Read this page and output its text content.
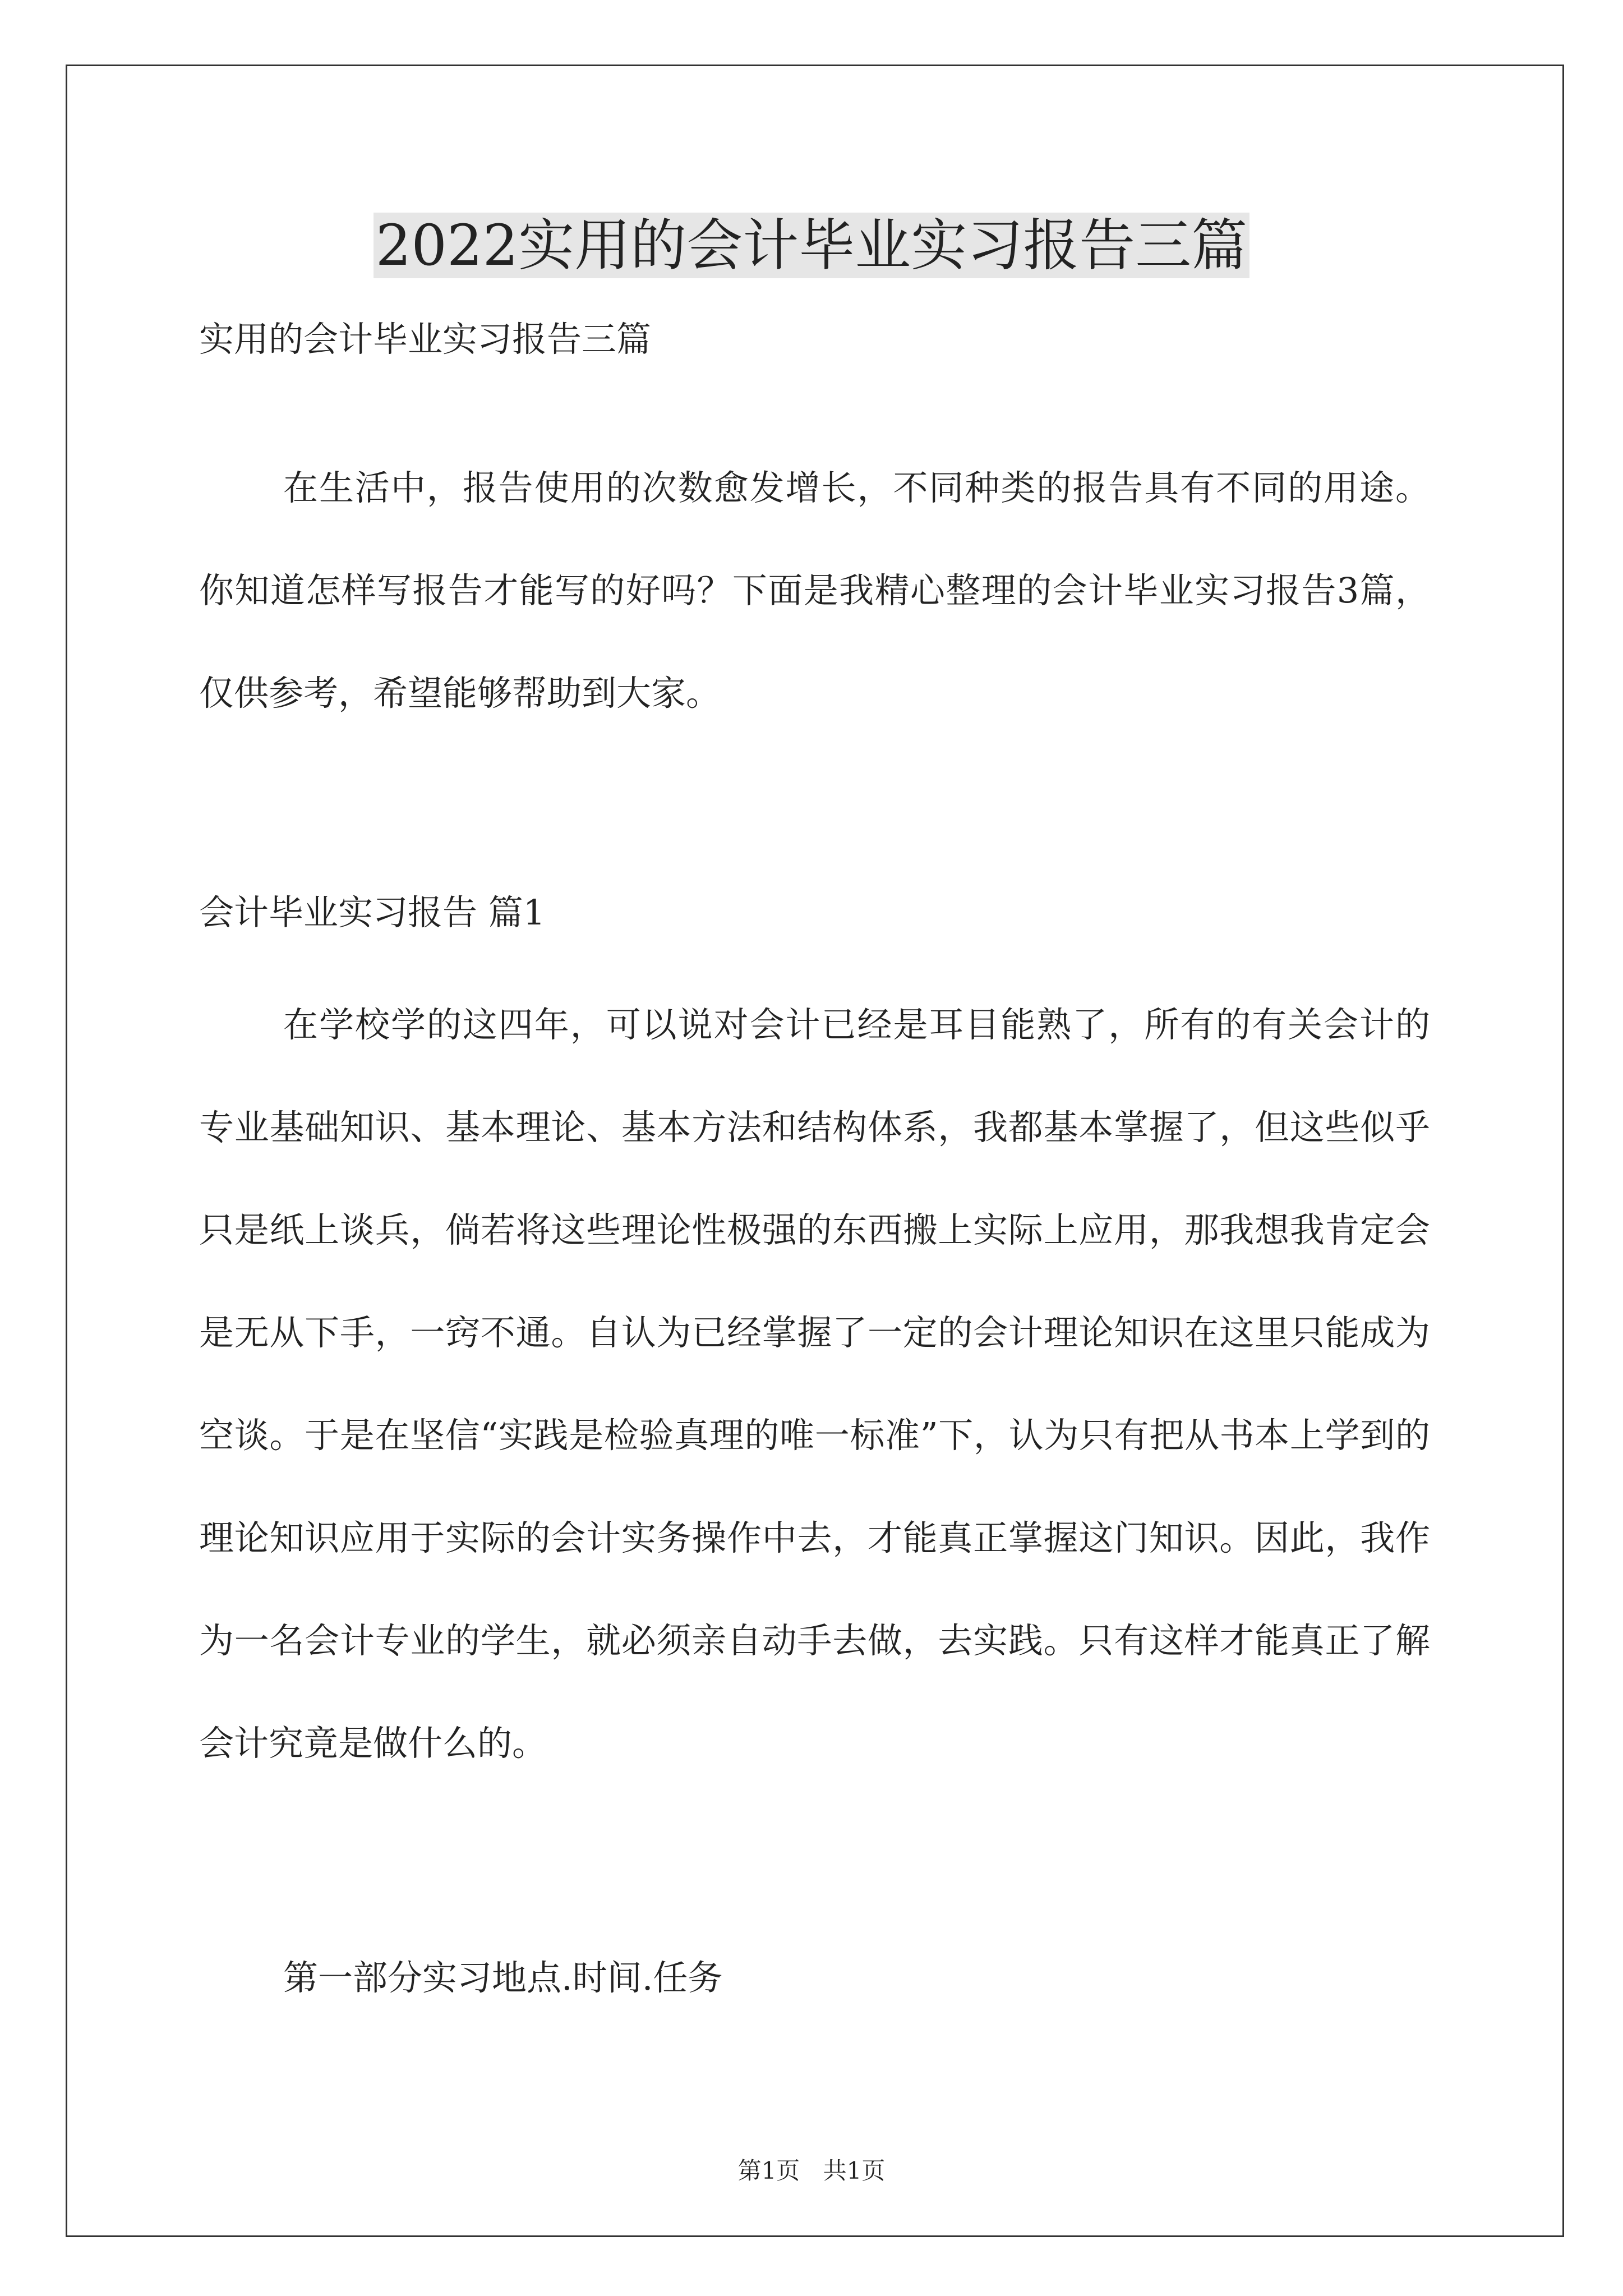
2022实用的会计毕业实习报告三篇

实用的会计毕业实习报告三篇

在生活中，报告使用的次数愈发增长，不同种类的报告具有不同的用途。你知道怎样写报告才能写的好吗？下面是我精心整理的会计毕业实习报告3篇，仅供参考，希望能够帮助到大家。

会计毕业实习报告 篇1

在学校学的这四年，可以说对会计已经是耳目能熟了，所有的有关会计的专业基础知识、基本理论、基本方法和结构体系，我都基本掌握了，但这些似乎只是纸上谈兵，倘若将这些理论性极强的东西搬上实际上应用，那我想我肯定会是无从下手，一窍不通。自认为已经掌握了一定的会计理论知识在这里只能成为空谈。于是在坚信“实践是检验真理的唯一标准”下，认为只有把从书本上学到的理论知识应用于实际的会计实务操作中去，才能真正掌握这门知识。因此，我作为一名会计专业的学生，就必须亲自动手去做，去实践。只有这样才能真正了解会计究竟是做什么的。

第一部分实习地点.时间.任务

第1页 共1页
